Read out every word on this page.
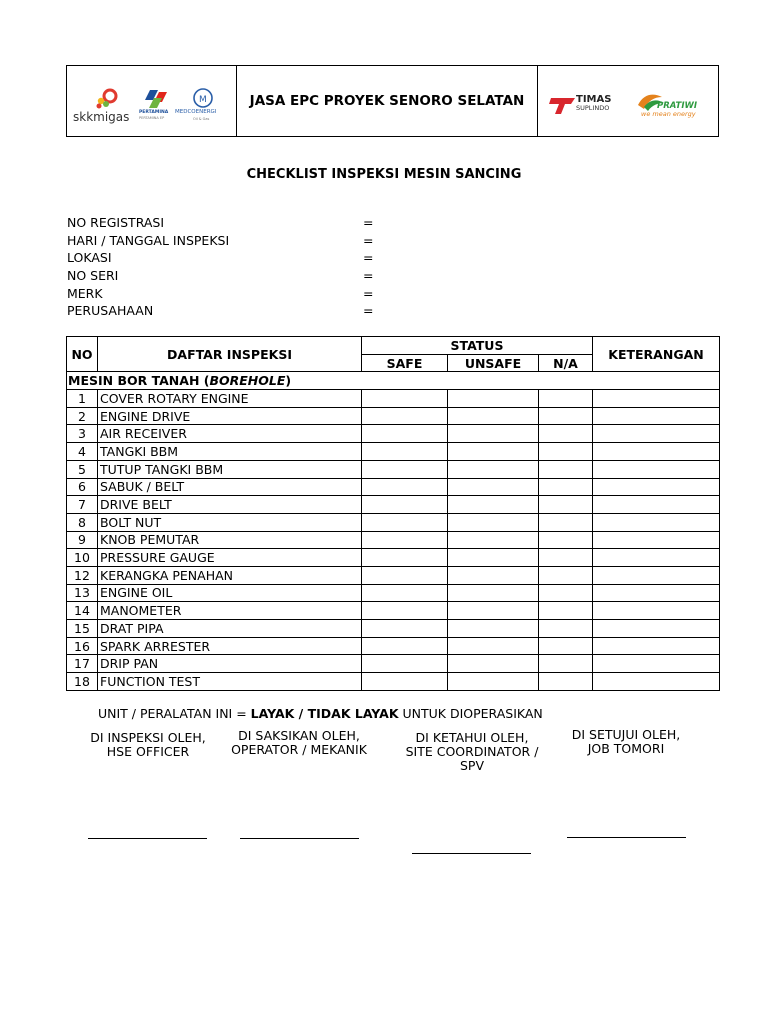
skkmigas PERTAMINA
PERTAMINA EP
M
MEDCOENERGI
Oil & Gas
JASA EPC PROYEK SENORO SELATAN	TIMAS
SUPLINDO	PRATIWI
we mean energy
CHECKLIST INSPEKSI MESIN SANCING
NO REGISTRASI	=
HARI / TANGGAL INSPEKSI	=
LOKASI	=
NO SERI	=
MERK	=
PERUSAHAAN	=
NO	DAFTAR INSPEKSI	STATUS			KETERANGAN
		SAFE	UNSAFE	N/A	
MESIN BOR TANAH (BOREHOLE)					
1	COVER ROTARY ENGINE				
2	ENGINE DRIVE				
3	AIR RECEIVER				
4	TANGKI BBM				
5	TUTUP TANGKI BBM				
6	SABUK / BELT				
7	DRIVE BELT				
8	BOLT NUT				
9	KNOB PEMUTAR				
10	PRESSURE GAUGE				
12	KERANGKA PENAHAN				
13	ENGINE OIL				
14	MANOMETER				
15	DRAT PIPA				
16	SPARK ARRESTER				
17	DRIP PAN				
18	FUNCTION TEST				
UNIT / PERALATAN INI = LAYAK / TIDAK LAYAK UNTUK DIOPERASIKAN
DI INSPEKSI OLEH,
HSE OFFICER
DI SAKSIKAN OLEH,
OPERATOR / MEKANIK
DI KETAHUI OLEH,
SITE COORDINATOR /
SPV
DI SETUJUI OLEH,
JOB TOMORI
